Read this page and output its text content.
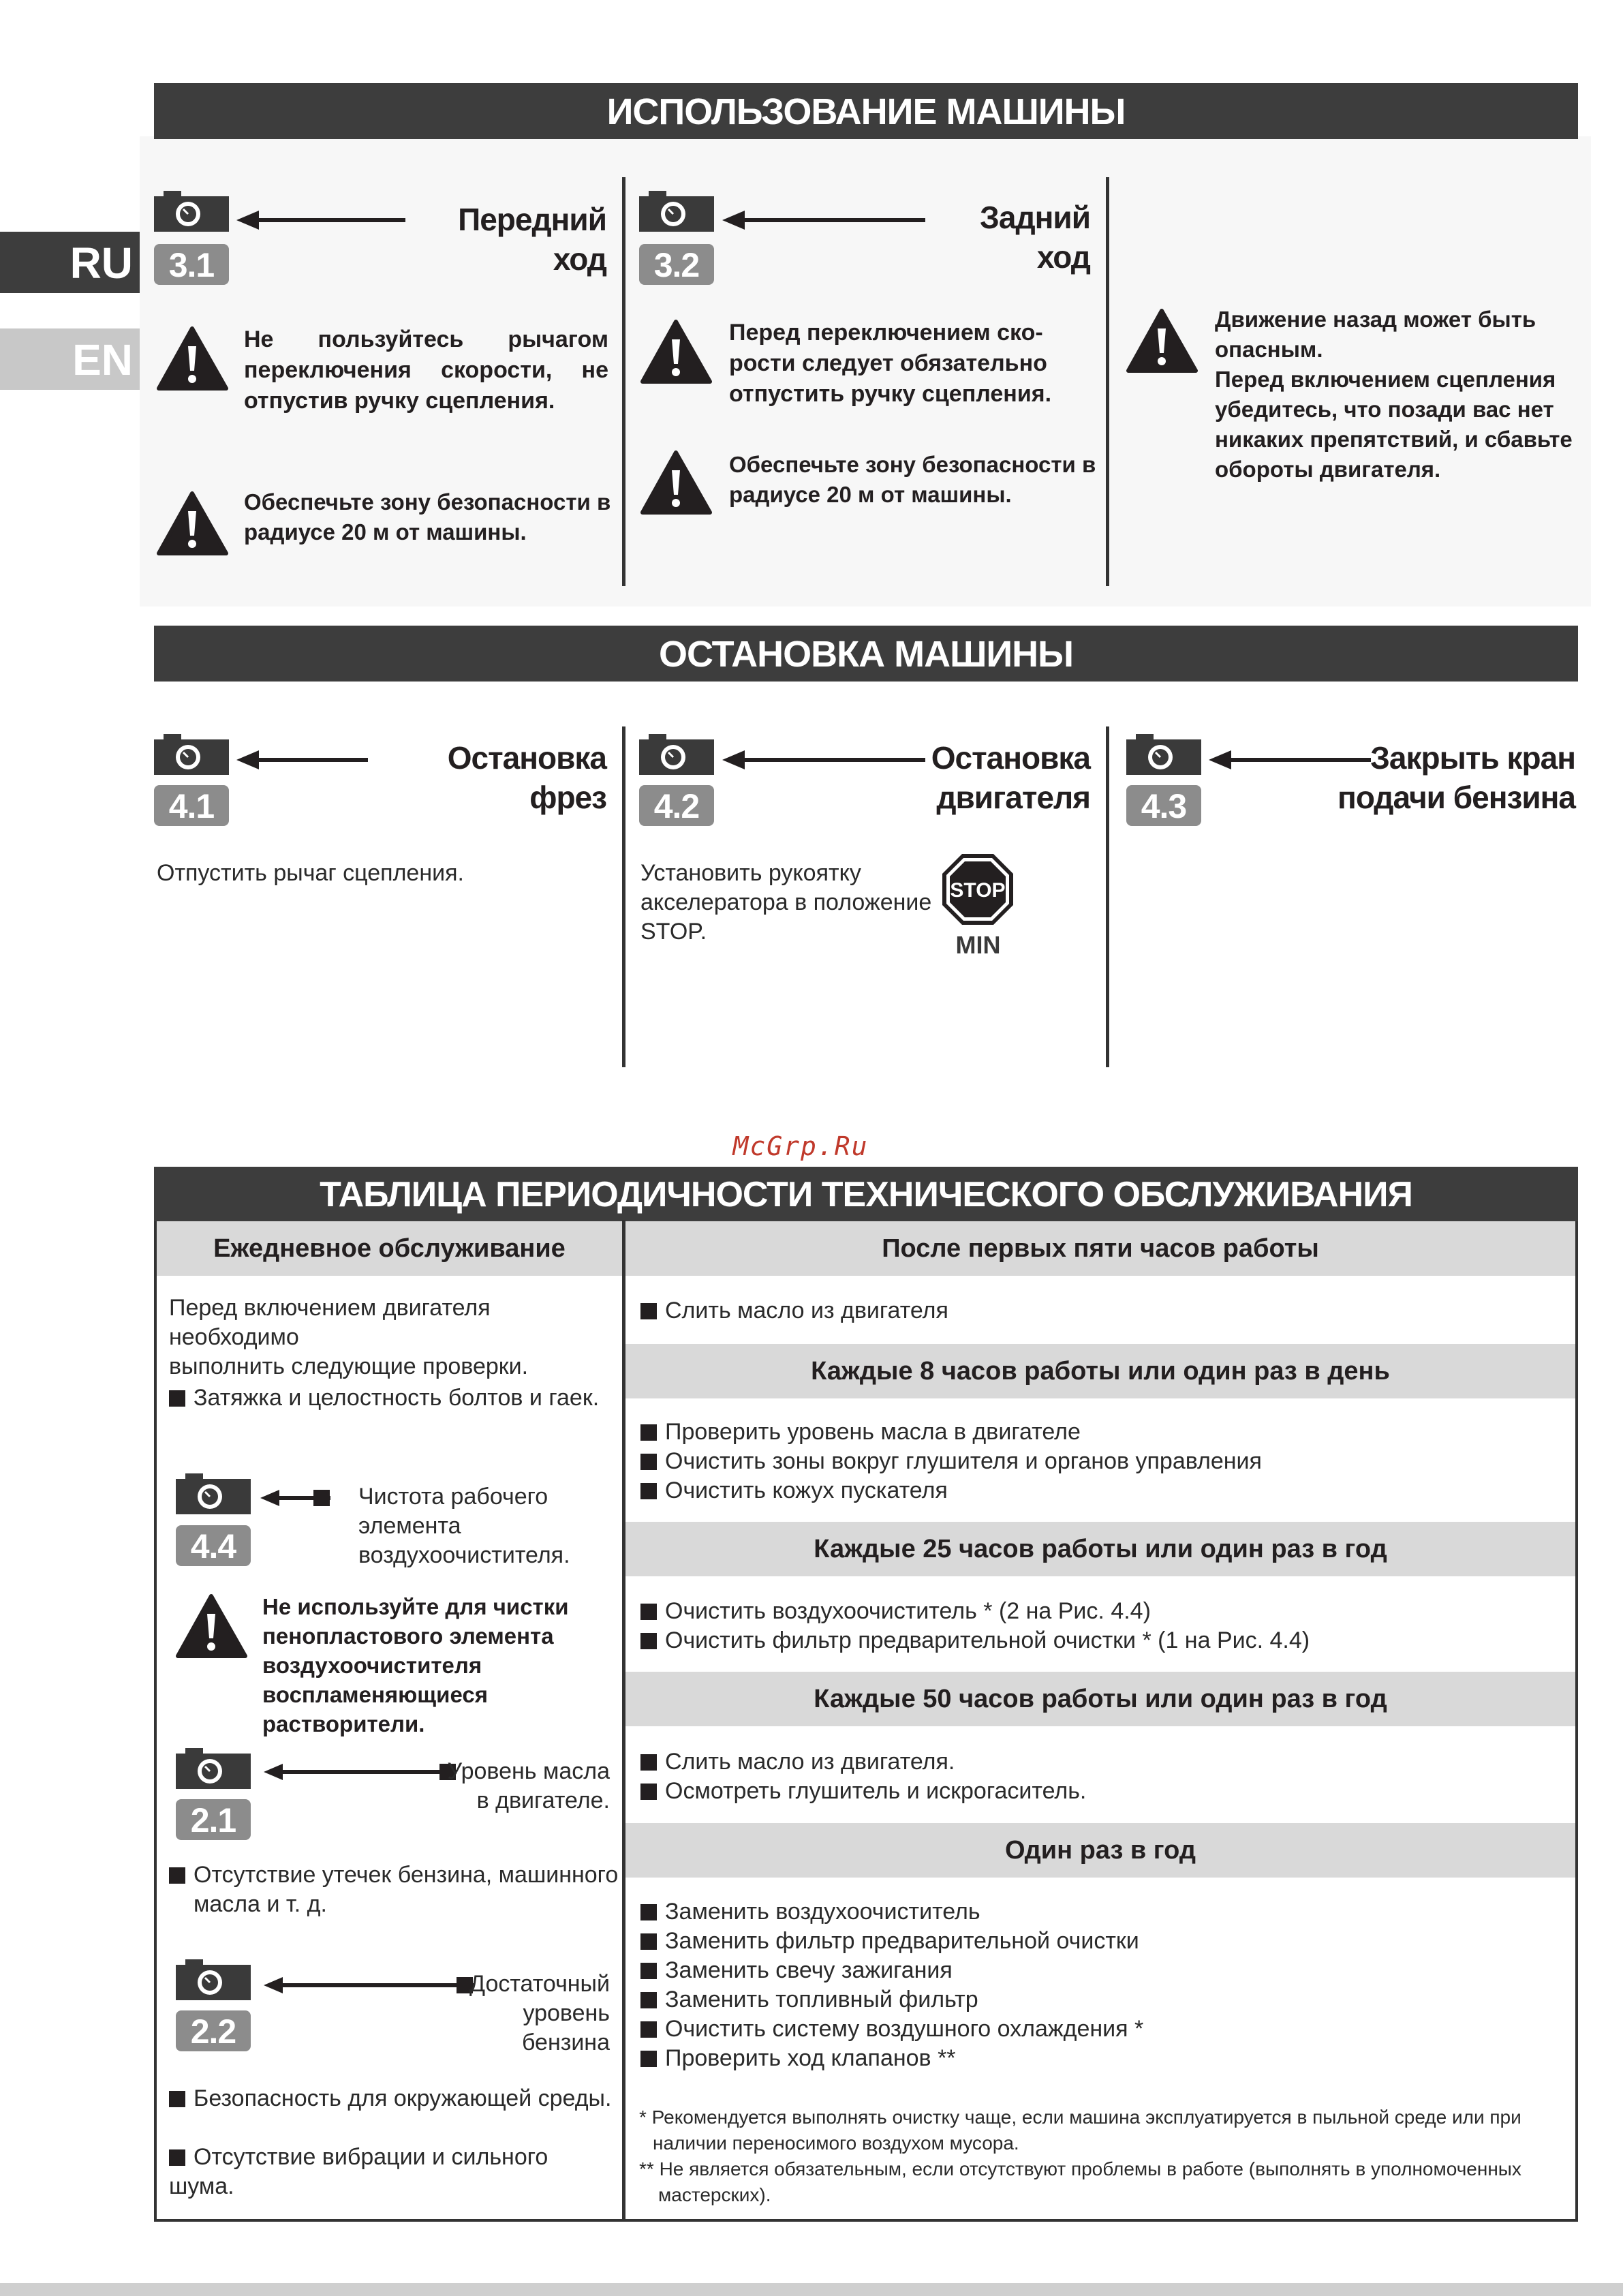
RU
EN
ИСПОЛЬЗОВАНИЕ МАШИНЫ
3.1
Передний ход
Не пользуйтесь рычагом
переключения скорости, не
отпустив ручку сцепления.
Обеспечьте зону безопасности в
радиусе 20 м от машины.
3.2
Задний ход
Перед переключением ско-
рости следует обязательно
отпустить ручку сцепления.
Обеспечьте зону безопасности в
радиусе 20 м от машины.
Движение назад может быть
опасным.
Перед включением сцепления
убедитесь, что позади вас нет
никаких препятствий, и сбавьте
обороты двигателя.
ОСТАНОВКА МАШИНЫ
4.1
Остановка фрез
Отпустить рычаг сцепления.
4.2
Остановка
двигателя
Установить рукоятку
акселератора в положение
STOP.
STOP
MIN
4.3
Закрыть кран
подачи бензина
McGrp.Ru
ТАБЛИЦА ПЕРИОДИЧНОСТИ ТЕХНИЧЕСКОГО ОБСЛУЖИВАНИЯ
Ежедневное обслуживание
Перед включением двигателя необходимо
выполнить следующие проверки.
Затяжка и целостность болтов и гаек.
4.4
Чистота рабочего
элемента
воздухоочистителя.
Не используйте для чистки
пенопластового элемента
воздухоочистителя
воспламеняющиеся
растворители.
2.1
Уровень масла
в двигателе.
Отсутствие утечек бензина, машинного
масла и т. д.
2.2
Достаточный
уровень бензина
Безопасность для окружающей среды.
Отсутствие вибрации и сильного шума.
После первых пяти часов работы
Слить масло из двигателя
Каждые 8 часов работы или один раз в день
Проверить уровень масла в двигателе
Очистить зоны вокруг глушителя и органов управления
Очистить кожух пускателя
Каждые 25 часов работы или один раз в год
Очистить воздухоочиститель * (2 на Рис. 4.4)
Очистить фильтр предварительной очистки * (1 на Рис. 4.4)
Каждые 50 часов работы или один раз в год
Слить масло из двигателя.
Осмотреть глушитель и искрогаситель.
Один раз в год
Заменить воздухоочиститель
Заменить фильтр предварительной очистки
Заменить свечу зажигания
Заменить топливный фильтр
Очистить систему воздушного охлаждения *
Проверить ход клапанов **
* Рекомендуется выполнять очистку чаще, если машина эксплуатируется в пыльной среде или при
наличии переносимого воздухом мусора.
** Не является обязательным, если отсутствуют проблемы в работе (выполнять в уполномоченных
мастерских).
